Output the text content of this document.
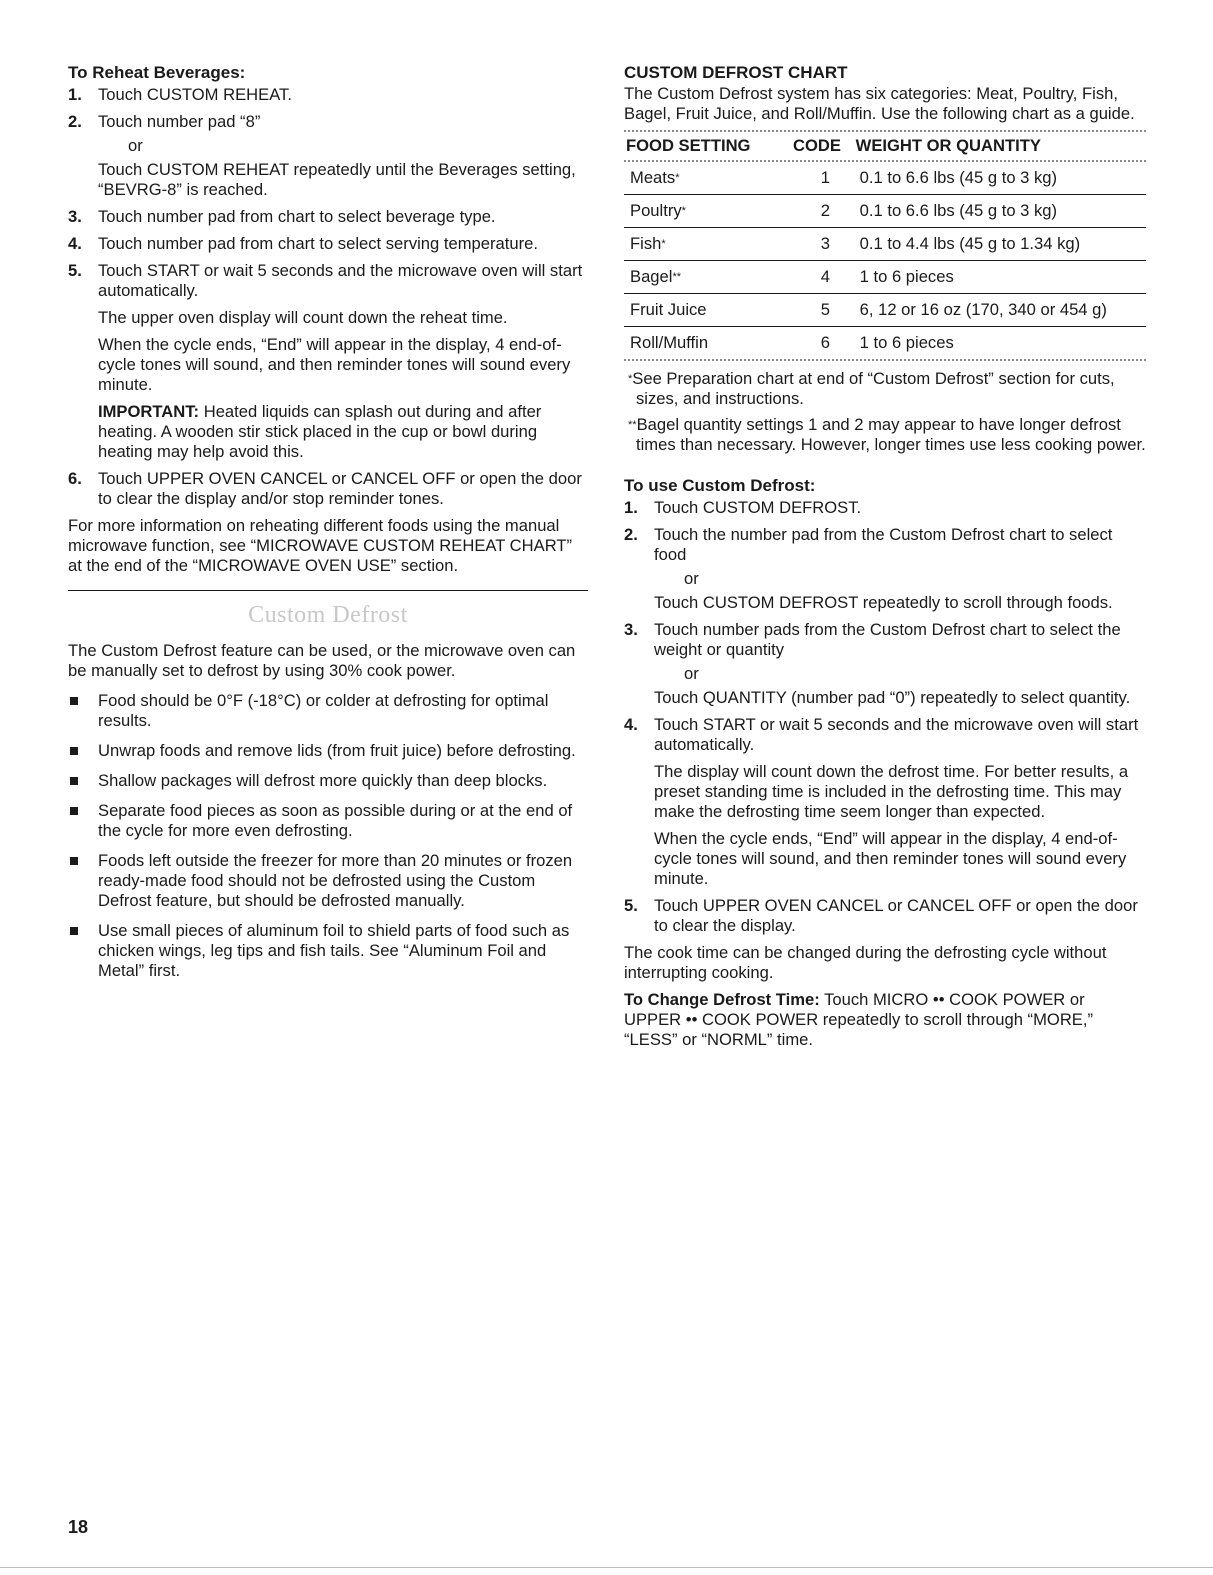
To Reheat Beverages:
1. Touch CUSTOM REHEAT.
2. Touch number pad “8”
or
Touch CUSTOM REHEAT repeatedly until the Beverages setting, “BEVRG-8” is reached.
3. Touch number pad from chart to select beverage type.
4. Touch number pad from chart to select serving temperature.
5. Touch START or wait 5 seconds and the microwave oven will start automatically.
The upper oven display will count down the reheat time.
When the cycle ends, “End” will appear in the display, 4 end-of-cycle tones will sound, and then reminder tones will sound every minute.
IMPORTANT: Heated liquids can splash out during and after heating. A wooden stir stick placed in the cup or bowl during heating may help avoid this.
6. Touch UPPER OVEN CANCEL or CANCEL OFF or open the door to clear the display and/or stop reminder tones.

For more information on reheating different foods using the manual microwave function, see “MICROWAVE CUSTOM REHEAT CHART” at the end of the “MICROWAVE OVEN USE” section.

Custom Defrost

The Custom Defrost feature can be used, or the microwave oven can be manually set to defrost by using 30% cook power.

Food should be 0°F (-18°C) or colder at defrosting for optimal results.
Unwrap foods and remove lids (from fruit juice) before defrosting.
Shallow packages will defrost more quickly than deep blocks.
Separate food pieces as soon as possible during or at the end of the cycle for more even defrosting.
Foods left outside the freezer for more than 20 minutes or frozen ready-made food should not be defrosted using the Custom Defrost feature, but should be defrosted manually.
Use small pieces of aluminum foil to shield parts of food such as chicken wings, leg tips and fish tails. See “Aluminum Foil and Metal” first.
CUSTOM DEFROST CHART

The Custom Defrost system has six categories: Meat, Poultry, Fish, Bagel, Fruit Juice, and Roll/Muffin. Use the following chart as a guide.

FOOD SETTING	CODE	WEIGHT OR QUANTITY

Meats*	1	0.1 to 6.6 lbs (45 g to 3 kg)
Poultry*	2	0.1 to 6.6 lbs (45 g to 3 kg)
Fish*	3	0.1 to 4.4 lbs (45 g to 1.34 kg)
Bagel**	4	1 to 6 pieces
Fruit Juice	5	6, 12 or 16 oz (170, 340 or 454 g)
Roll/Muffin	6	1 to 6 pieces

*See Preparation chart at end of “Custom Defrost” section for cuts, sizes, and instructions.

**Bagel quantity settings 1 and 2 may appear to have longer defrost times than necessary. However, longer times use less cooking power.

To use Custom Defrost:
1. Touch CUSTOM DEFROST.
2. Touch the number pad from the Custom Defrost chart to select food
or
Touch CUSTOM DEFROST repeatedly to scroll through foods.
3. Touch number pads from the Custom Defrost chart to select the weight or quantity
or
Touch QUANTITY (number pad “0”) repeatedly to select quantity.
4. Touch START or wait 5 seconds and the microwave oven will start automatically.
The display will count down the defrost time. For better results, a preset standing time is included in the defrosting time. This may make the defrosting time seem longer than expected.
When the cycle ends, “End” will appear in the display, 4 end-of-cycle tones will sound, and then reminder tones will sound every minute.
5. Touch UPPER OVEN CANCEL or CANCEL OFF or open the door to clear the display.

The cook time can be changed during the defrosting cycle without interrupting cooking.

To Change Defrost Time: Touch MICRO •• COOK POWER or UPPER •• COOK POWER repeatedly to scroll through “MORE,” “LESS” or “NORML” time.

18
